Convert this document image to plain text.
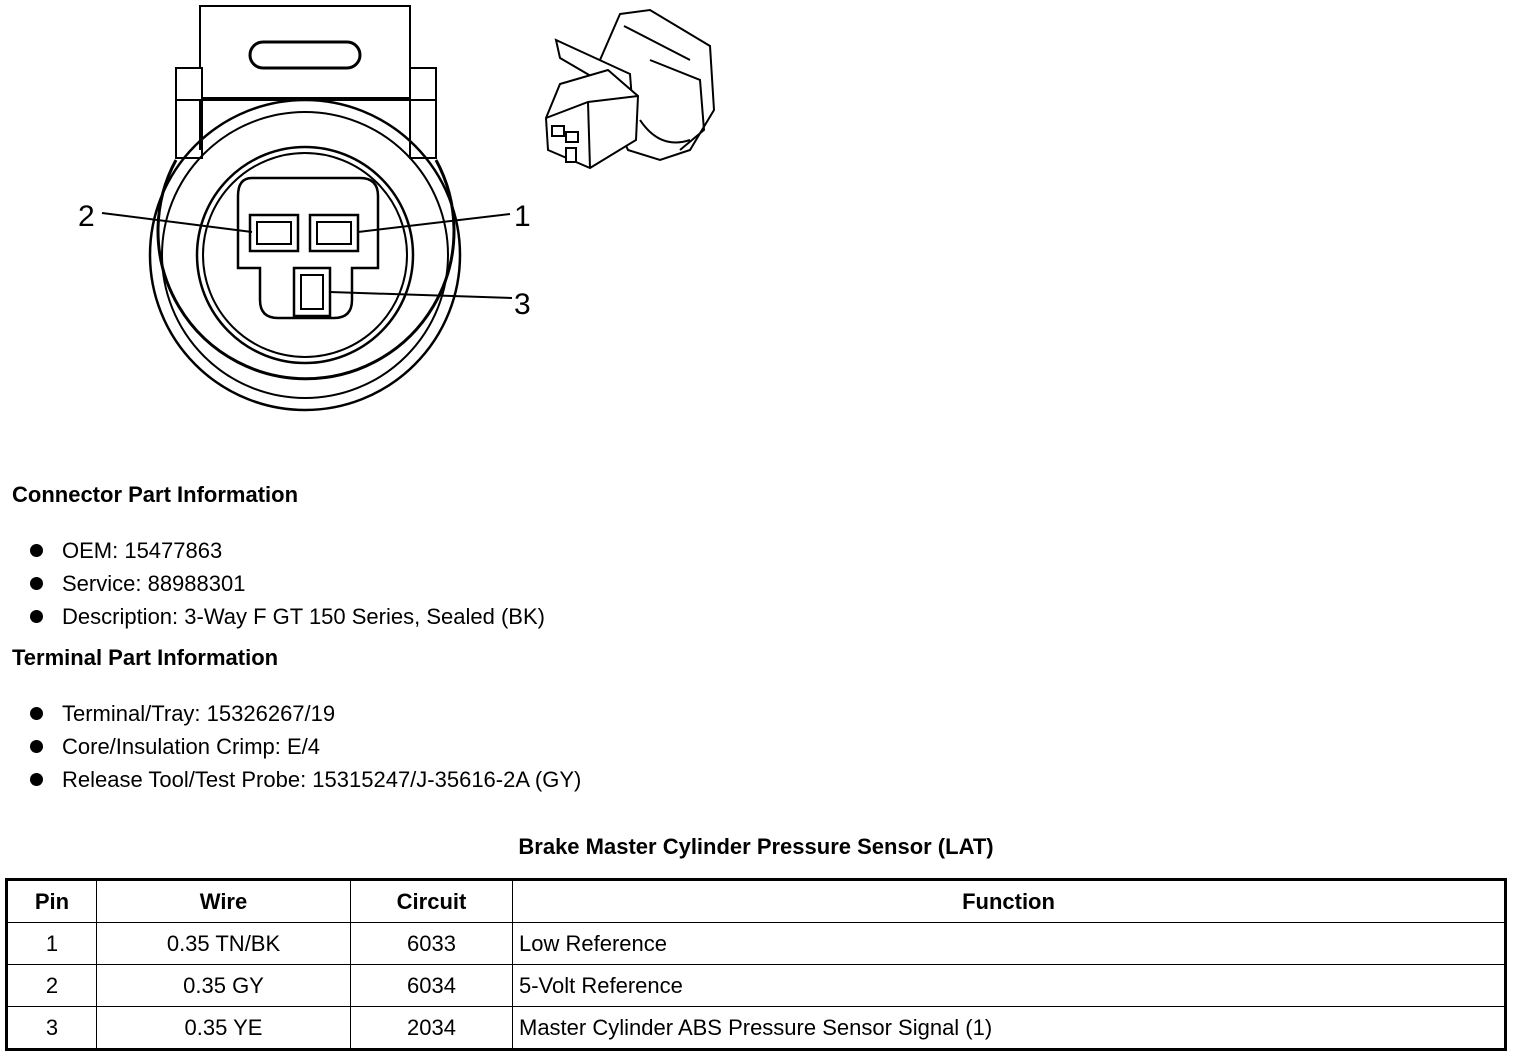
2	1
3
Connector Part Information
OEM: 15477863
Service: 88988301
Description: 3-Way F GT 150 Series, Sealed (BK)
Terminal Part Information
Terminal/Tray: 15326267/19
Core/Insulation Crimp: E/4
Release Tool/Test Probe: 15315247/J-35616-2A (GY)
Brake Master Cylinder Pressure Sensor (LAT)
Pin	Wire	Circuit	Function
1	0.35 TN/BK	6033	Low Reference
2	0.35 GY	6034	5-Volt Reference
3	0.35 YE	2034	Master Cylinder ABS Pressure Sensor Signal (1)
